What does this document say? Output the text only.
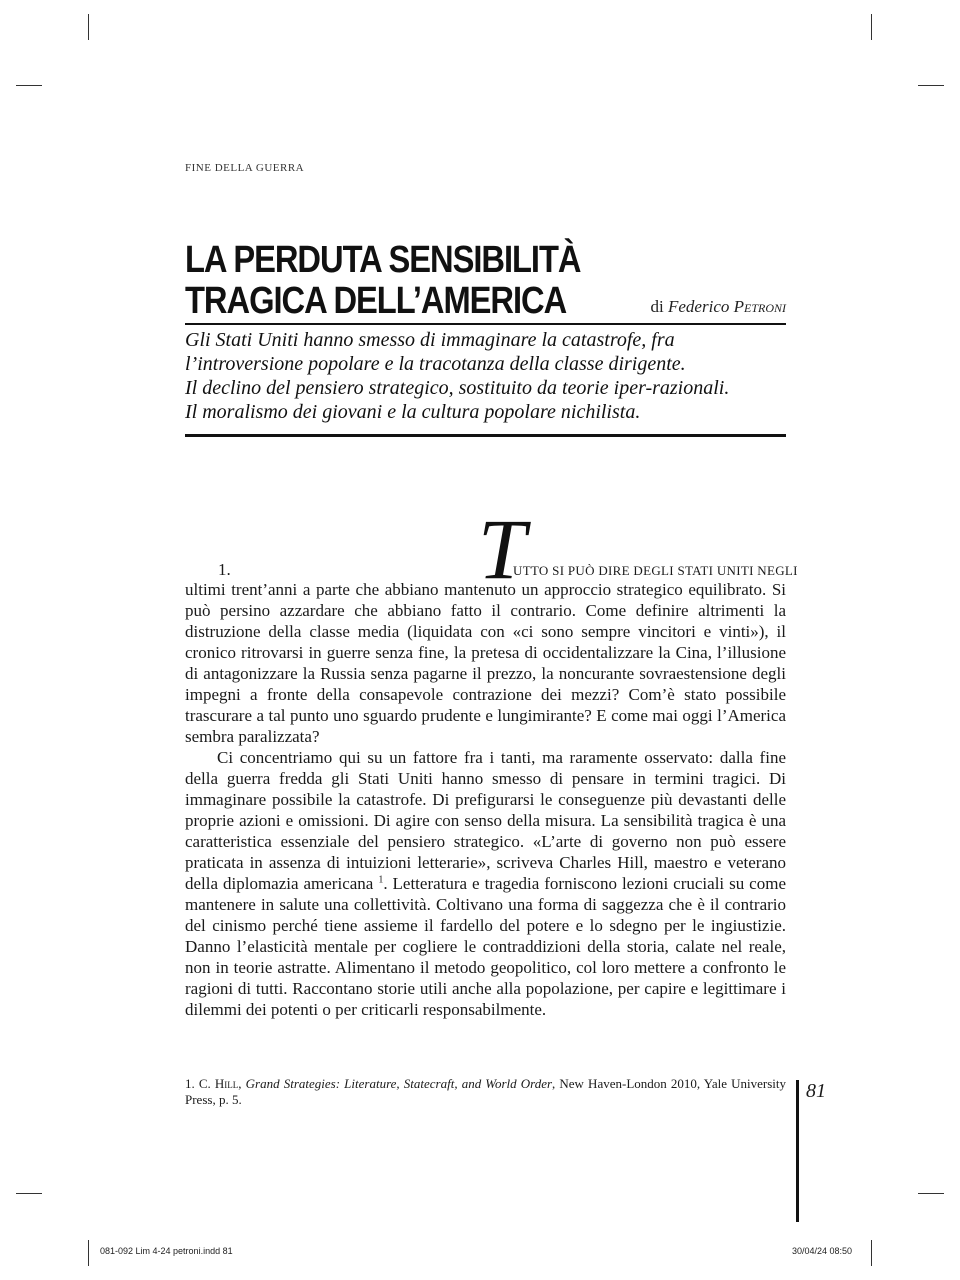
FINE DELLA GUERRA
LA PERDUTA SENSIBILITÀ
TRAGICA DELL’AMERICA	di Federico Petroni

Gli Stati Uniti hanno smesso di immaginare la catastrofe, fra

l’introversione popolare e la tracotanza della classe dirigente.

Il declino del pensiero strategico, sostituito da teorie iper-razionali.

Il moralismo dei giovani e la cultura popolare nichilista.

1.	T
UTTO SI PUÒ DIRE DEGLI STATI UNITI NEGLI

ultimi trent’anni a parte che abbiano mantenuto un approccio strategico equilibrato. Si può persino azzardare che abbiano fatto il contrario. Come definire altrimenti la distruzione della classe media (liquidata con «ci sono sempre vincitori e vinti»), il cronico ritrovarsi in guerre senza fine, la pretesa di occidentalizzare la Cina, l’illusione di antagonizzare la Russia senza pagarne il prezzo, la noncurante sovraestensione degli impegni a fronte della consapevole contrazione dei mezzi? Com’è stato possibile trascurare a tal punto uno sguardo prudente e lungimirante? E come mai oggi l’America sembra paralizzata?

Ci concentriamo qui su un fattore fra i tanti, ma raramente osservato: dalla fine della guerra fredda gli Stati Uniti hanno smesso di pensare in termini tragici. Di immaginare possibile la catastrofe. Di prefigurarsi le conseguenze più devastanti delle proprie azioni e omissioni. Di agire con senso della misura. La sensibilità tragica è una caratteristica essenziale del pensiero strategico. «L’arte di governo non può essere praticata in assenza di intuizioni letterarie», scriveva Charles Hill, maestro e veterano della diplomazia americana $^1$. Letteratura e tragedia forniscono lezioni cruciali su come mantenere in salute una collettività. Coltivano una forma di saggezza che è il contrario del cinismo perché tiene assieme il fardello del potere e lo sdegno per le ingiustizie. Danno l’elasticità mentale per cogliere le contraddizioni della storia, calate nel reale, non in teorie astratte. Alimentano il metodo geopolitico, col loro mettere a confronto le ragioni di tutti. Raccontano storie utili anche alla popolazione, per capire e legittimare i dilemmi dei potenti o per criticarli responsabilmente.

1. C. Hill, Grand Strategies: Literature, Statecraft, and World Order, New Haven-London 2010, Yale University Press, p. 5.	81
081-092 Lim 4-24 petroni.indd 81	30/04/24 08:50
